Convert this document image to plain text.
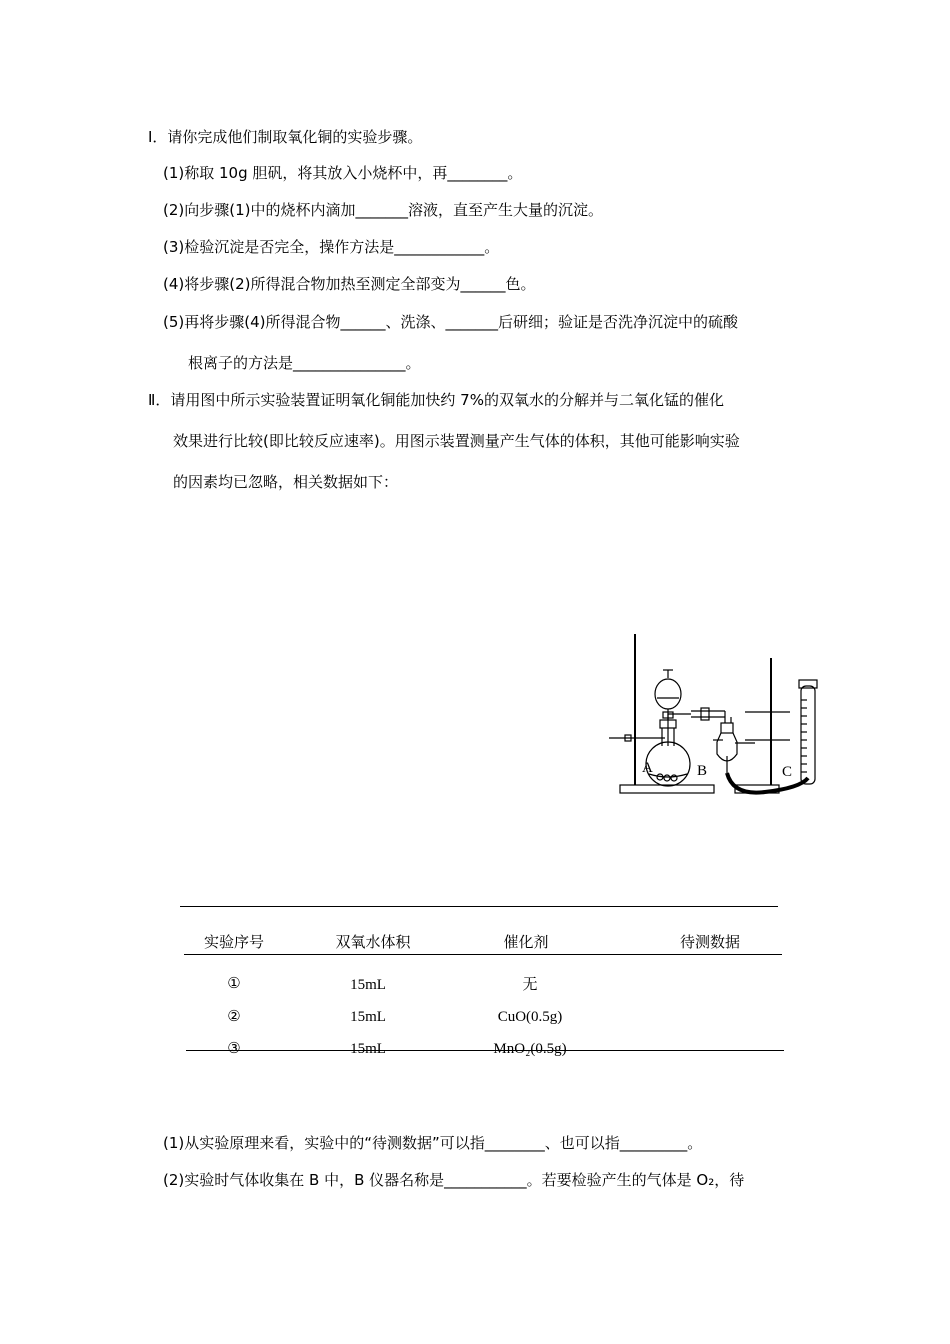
Ⅰ．请你完成他们制取氧化铜的实验步骤。
(1)称取 10g 胆矾，将其放入小烧杯中，再________。
(2)向步骤(1)中的烧杯内滴加_______溶液，直至产生大量的沉淀。
(3)检验沉淀是否完全，操作方法是____________。
(4)将步骤(2)所得混合物加热至测定全部变为______色。
(5)再将步骤(4)所得混合物______、洗涤、_______后研细；验证是否洗净沉淀中的硫酸
根离子的方法是_______________。
Ⅱ．请用图中所示实验装置证明氧化铜能加快约 7%的双氧水的分解并与二氧化锰的催化
效果进行比较(即比较反应速率)。用图示装置测量产生气体的体积，其他可能影响实验
的因素均已忽略，相关数据如下：
A	B	C
实验序号	双氧水体积	催化剂	待测数据
①	15mL	无
②	15mL	CuO(0.5g)
③	15mL	MnO₂(0.5g)
(1)从实验原理来看，实验中的“待测数据”可以指________、也可以指_________。
(2)实验时气体收集在 B 中，B 仪器名称是___________。若要检验产生的气体是 O₂，待
